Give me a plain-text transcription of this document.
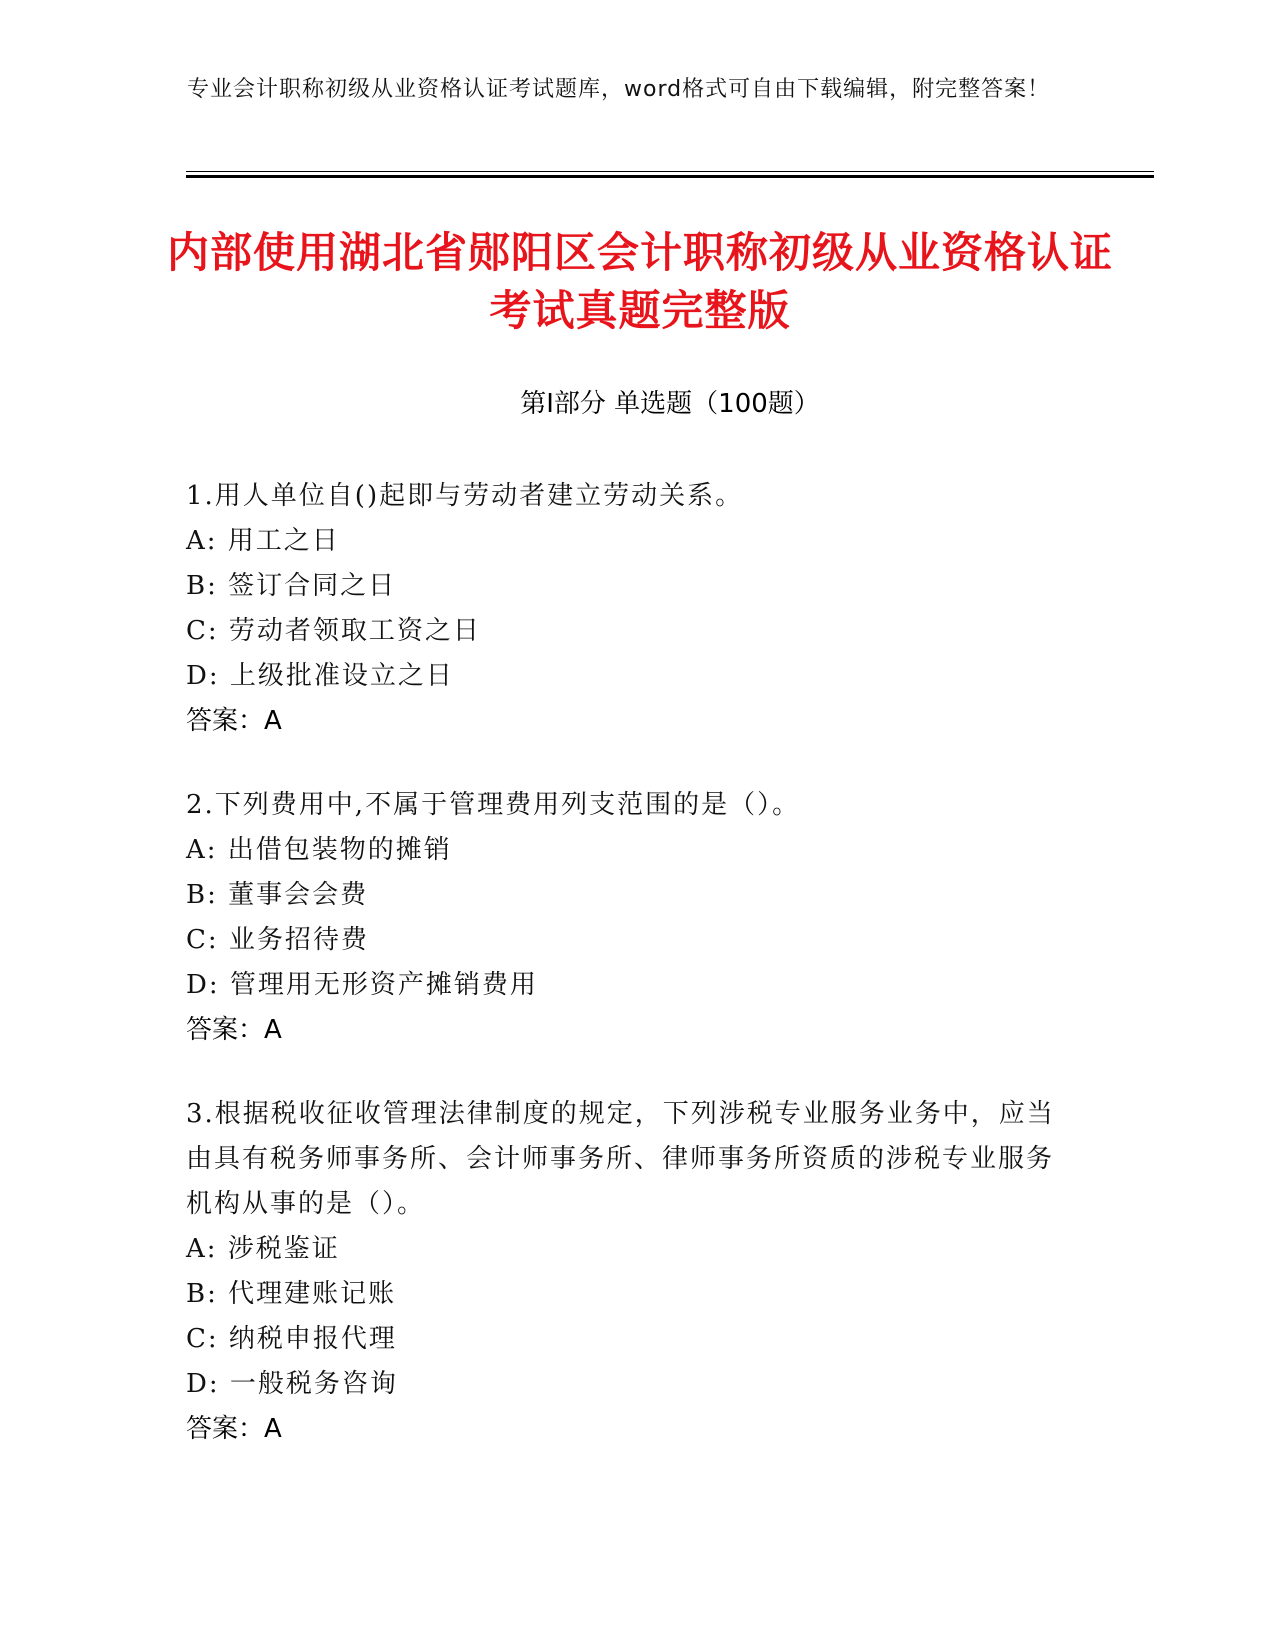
专业会计职称初级从业资格认证考试题库，word格式可自由下载编辑，附完整答案！
内部使用湖北省郧阳区会计职称初级从业资格认证考试真题完整版
第Ⅰ部分 单选题（100题）
1.用人单位自()起即与劳动者建立劳动关系。
A: 用工之日
B: 签订合同之日
C: 劳动者领取工资之日
D: 上级批准设立之日
答案：A
2.下列费用中,不属于管理费用列支范围的是（）。
A: 出借包装物的摊销
B: 董事会会费
C: 业务招待费
D: 管理用无形资产摊销费用
答案：A
3.根据税收征收管理法律制度的规定，下列涉税专业服务业务中，应当由具有税务师事务所、会计师事务所、律师事务所资质的涉税专业服务机构从事的是（）。
A: 涉税鉴证
B: 代理建账记账
C: 纳税申报代理
D: 一般税务咨询
答案：A
